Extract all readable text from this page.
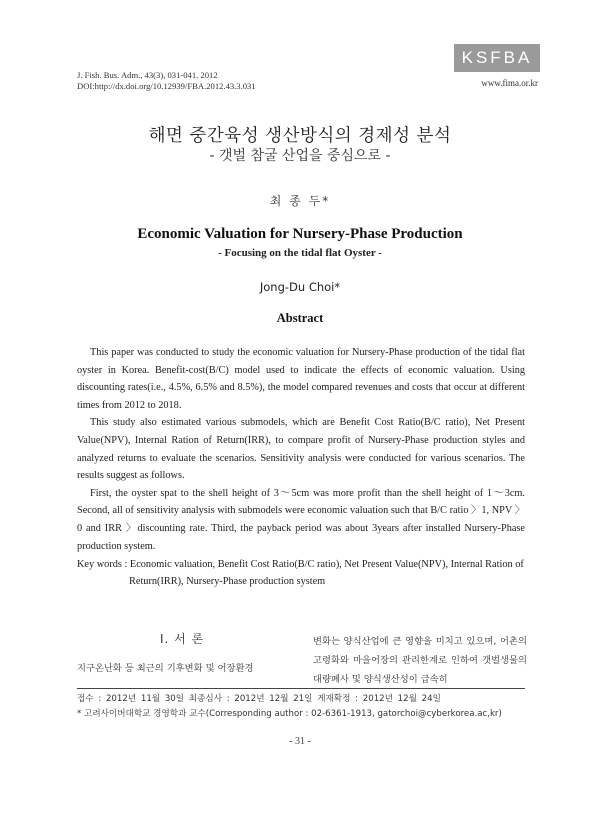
J. Fish. Bus. Adm., 43(3), 031-041. 2012
DOI:http://dx.doi.org/10.12939/FBA.2012.43.3.031
KSFBA
www.fima.or.kr
해면 중간육성 생산방식의 경제성 분석
- 갯벌 참굴 산업을 중심으로 -
최 종 두*
Economic Valuation for Nursery-Phase Production
- Focusing on the tidal flat Oyster -
Jong-Du Choi*
Abstract

This paper was conducted to study the economic valuation for Nursery-Phase production of the tidal flat oyster in Korea. Benefit-cost(B/C) model used to indicate the effects of economic valuation. Using discounting rates(i.e., 4.5%, 6.5% and 8.5%), the model compared revenues and costs that occur at different times from 2012 to 2018.

This study also estimated various submodels, which are Benefit Cost Ratio(B/C ratio), Net Present Value(NPV), Internal Ration of Return(IRR), to compare profit of Nursery-Phase production styles and analyzed returns to evaluate the scenarios. Sensitivity analysis were conducted for various scenarios. The results suggest as follows.

First, the oyster spat to the shell height of 3～5cm was more profit than the shell height of 1～3cm. Second, all of sensitivity analysis with submodels were economic valuation such that B/C ratio 〉1, NPV 〉0 and IRR 〉discounting rate. Third, the payback period was about 3years after installed Nursery-Phase production system.

Key words : Economic valuation, Benefit Cost Ratio(B/C ratio), Net Present Value(NPV), Internal Ration of
Return(IRR), Nursery-Phase production system
Ⅰ. 서 론
지구온난화 등 최근의 기후변화 및 어장환경
변화는 양식산업에 큰 영향을 미치고 있으며, 어촌의 고령화와 마을어장의 관리한계로 인하여 갯벌생물의 대량폐사 및 양식생산성이 급속히
접수 : 2012년 11월 30일 최종심사 : 2012년 12월 21일 게재확정 : 2012년 12월 24일
* 고려사이버대학교 경영학과 교수(Corresponding author : 02-6361-1913, gatorchoi@cyberkorea.ac,kr)
- 31 -
